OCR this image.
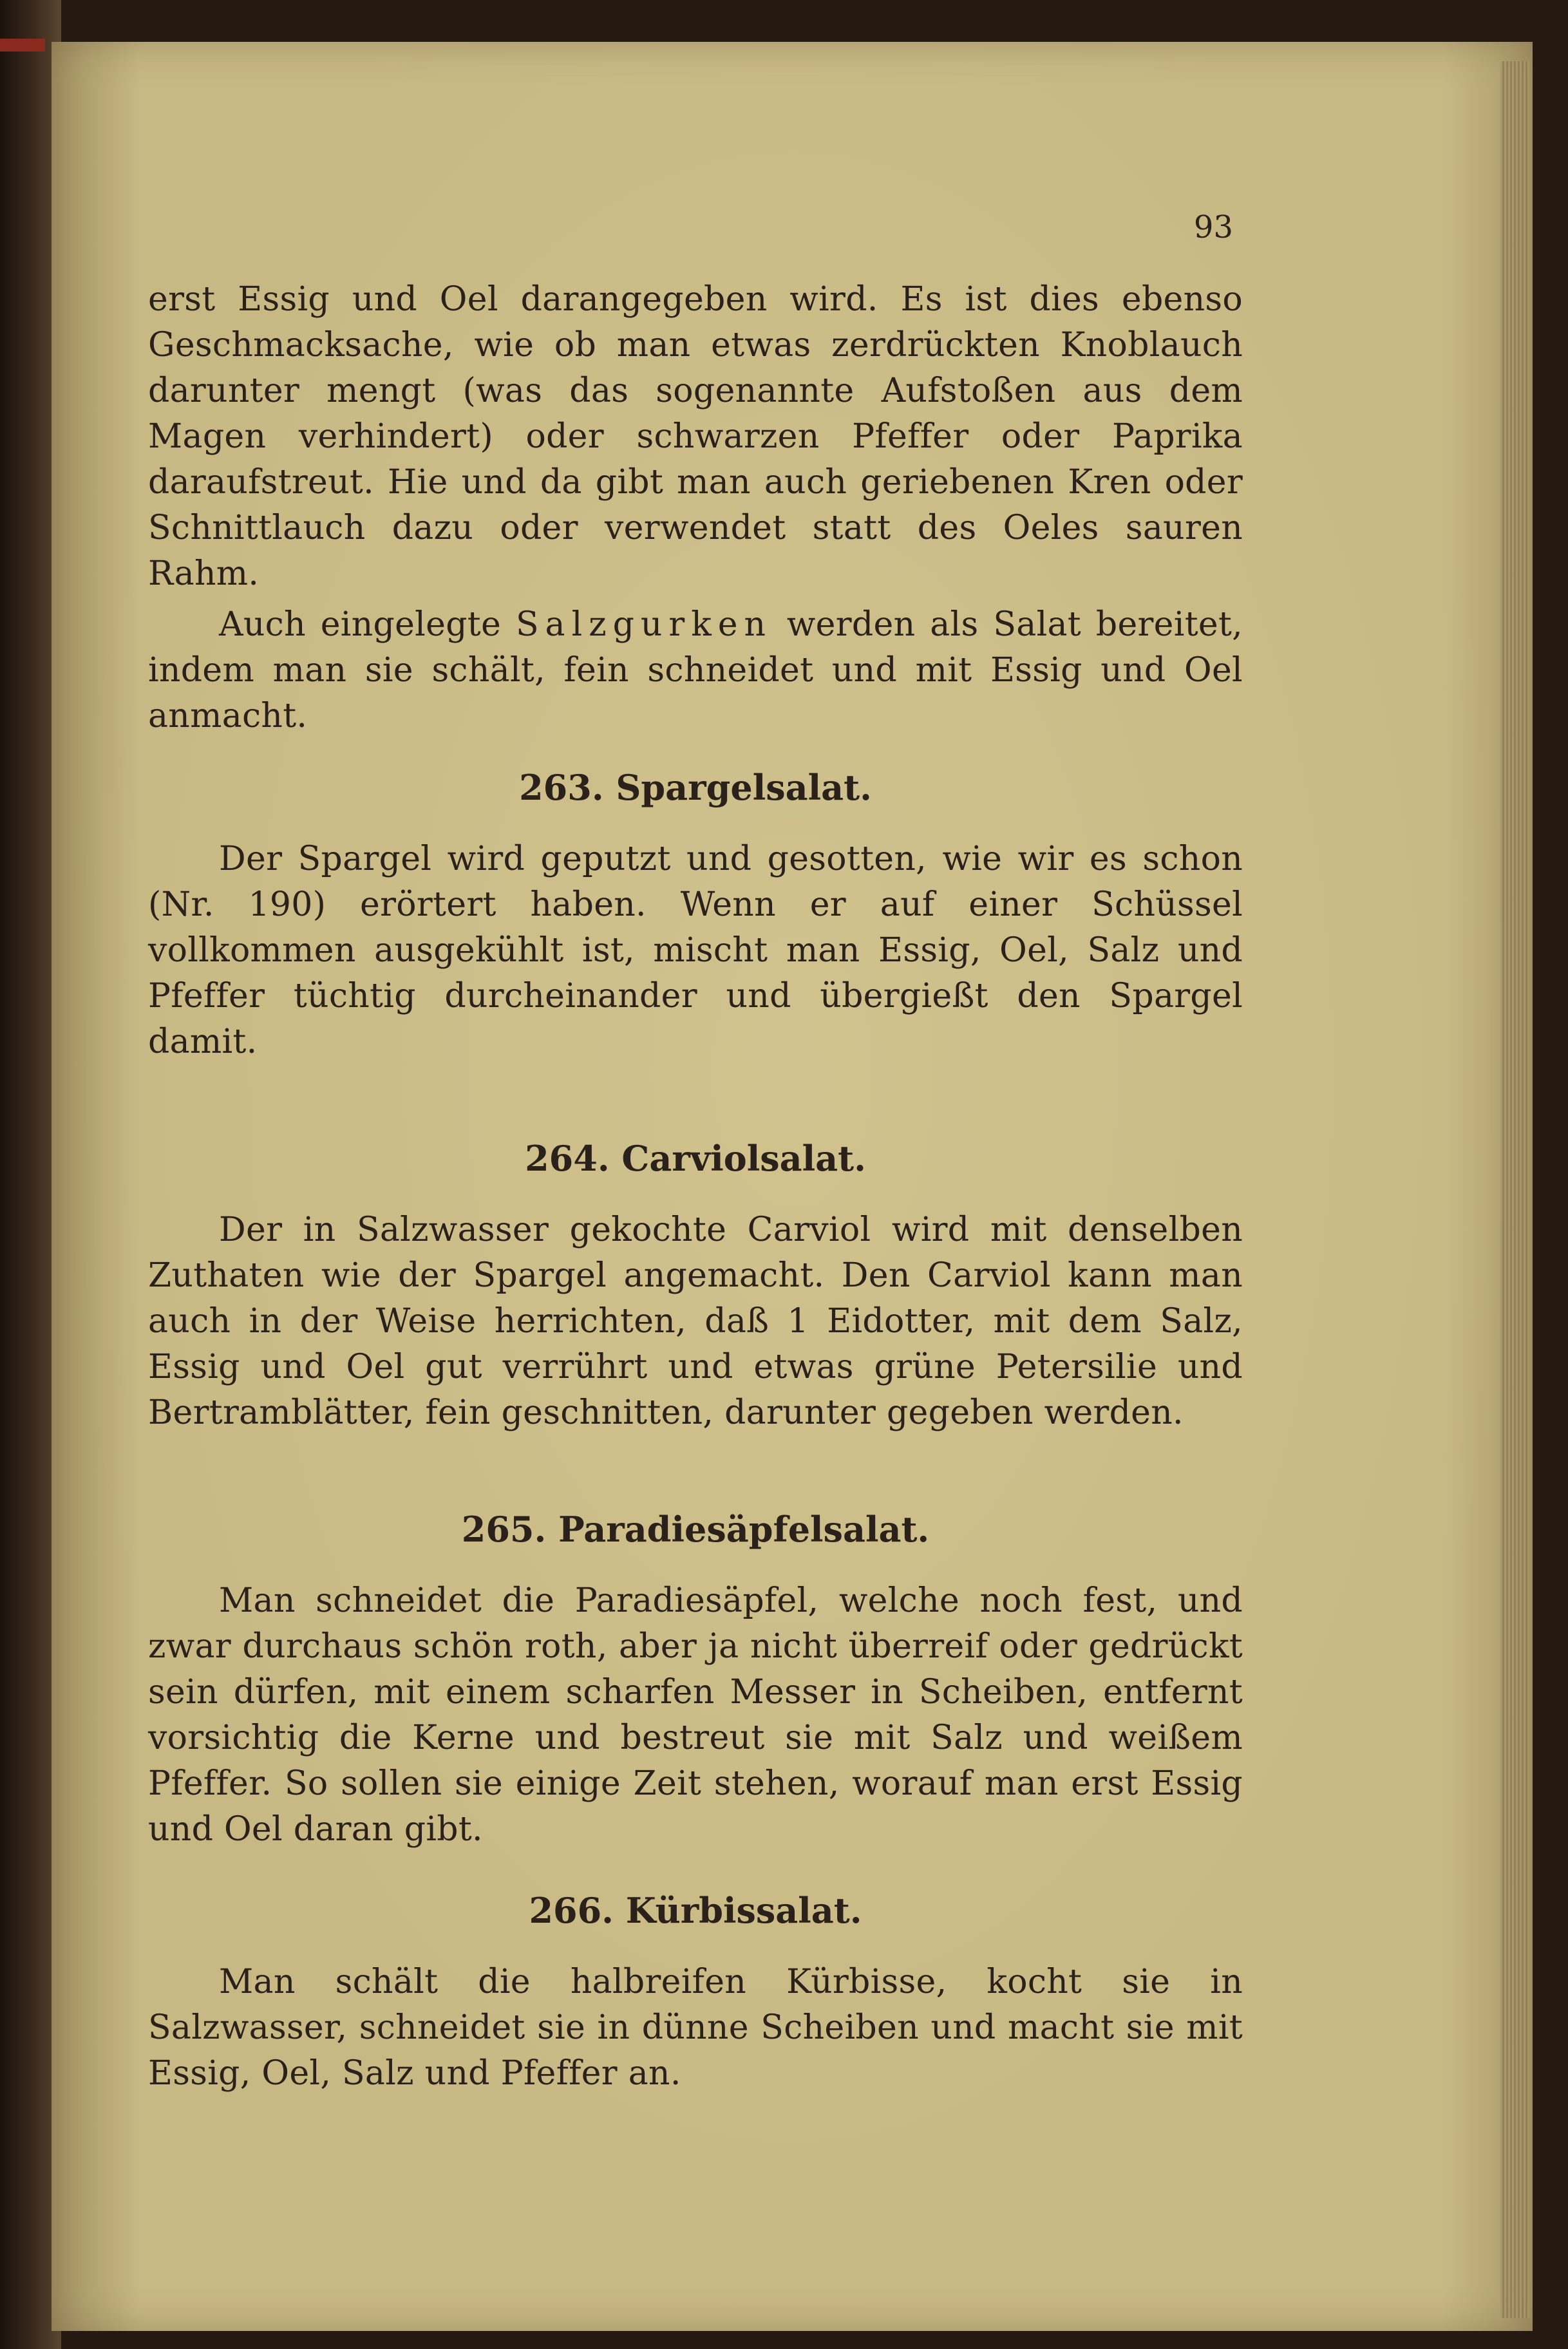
93

erst Essig und Oel darangegeben wird. Es ist dies ebenso Geschmacksache, wie ob man etwas zerdrückten Knoblauch darunter mengt (was das sogenannte Aufstoßen aus dem Magen verhindert) oder schwarzen Pfeffer oder Paprika daraufstreut. Hie und da gibt man auch geriebenen Kren oder Schnittlauch dazu oder verwendet statt des Oeles sauren Rahm.

Auch eingelegte Salzgurken werden als Salat bereitet, indem man sie schält, fein schneidet und mit Essig und Oel anmacht.

263. Spargelsalat.

Der Spargel wird geputzt und gesotten, wie wir es schon (Nr. 190) erörtert haben. Wenn er auf einer Schüssel vollkommen ausgekühlt ist, mischt man Essig, Oel, Salz und Pfeffer tüchtig durcheinander und übergießt den Spargel damit.

264. Carviolsalat.

Der in Salzwasser gekochte Carviol wird mit denselben Zuthaten wie der Spargel angemacht. Den Carviol kann man auch in der Weise herrichten, daß 1 Eidotter, mit dem Salz, Essig und Oel gut verrührt und etwas grüne Petersilie und Bertramblätter, fein geschnitten, darunter gegeben werden.

265. Paradiesäpfelsalat.

Man schneidet die Paradiesäpfel, welche noch fest, und zwar durchaus schön roth, aber ja nicht überreif oder gedrückt sein dürfen, mit einem scharfen Messer in Scheiben, entfernt vorsichtig die Kerne und bestreut sie mit Salz und weißem Pfeffer. So sollen sie einige Zeit stehen, worauf man erst Essig und Oel daran gibt.

266. Kürbissalat.

Man schält die halbreifen Kürbisse, kocht sie in Salzwasser, schneidet sie in dünne Scheiben und macht sie mit Essig, Oel, Salz und Pfeffer an.
